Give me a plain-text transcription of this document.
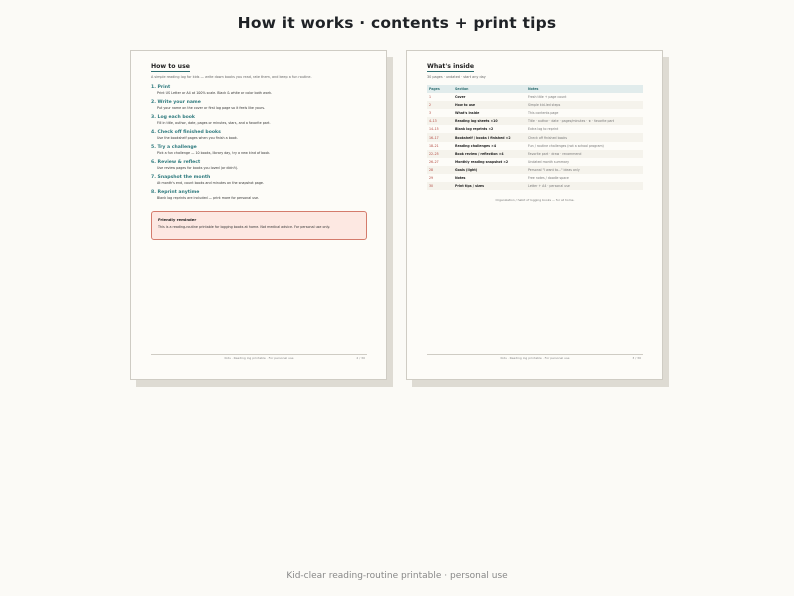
How it works · contents + print tips
How to use
A simple reading log for kids — write down books you read, rate them, and keep a fun routine.
1. Print
Print US Letter or A4 at 100% scale. Black & white or color both work.
2. Write your name
Put your name on the cover or first log page so it feels like yours.
3. Log each book
Fill in title, author, date, pages or minutes, stars, and a favorite part.
4. Check off finished books
Use the bookshelf pages when you finish a book.
5. Try a challenge
Pick a fun challenge — 10 books, library day, try a new kind of book.
6. Review & reflect
Use review pages for books you loved (or didn't).
7. Snapshot the month
At month's end, count books and minutes on the snapshot page.
8. Reprint anytime
Blank log reprints are included — print more for personal use.
Friendly reminder
This is a reading-routine printable for logging books at home. Not medical advice. For personal use only.
Kids · Reading log printable · For personal use	2 / 30
What's inside
30 pages · undated · start any day
Pages	Section	Notes
1	Cover	Fresh title + page count
2	How to use	Simple kid-led steps
3	What's inside	This contents page
4–13	Reading log sheets ×10	Title · author · date · pages/minutes · ★ · favorite part
14–15	Blank log reprints ×2	Extra log to reprint
16–17	Bookshelf / books I finished ×2	Check off finished books
18–21	Reading challenges ×4	Fun / routine challenges (not a school program)
22–25	Book review / reflection ×4	Favorite part · draw · recommend
26–27	Monthly reading snapshot ×2	Undated month summary
28	Goals (light)	Personal "I want to..." ideas only
29	Notes	Free notes / doodle space
30	Print tips / sizes	Letter + A4 · personal use
Organization / habit of logging books — for at home.
Kids · Reading log printable · For personal use	3 / 30
Kid-clear reading-routine printable · personal use
